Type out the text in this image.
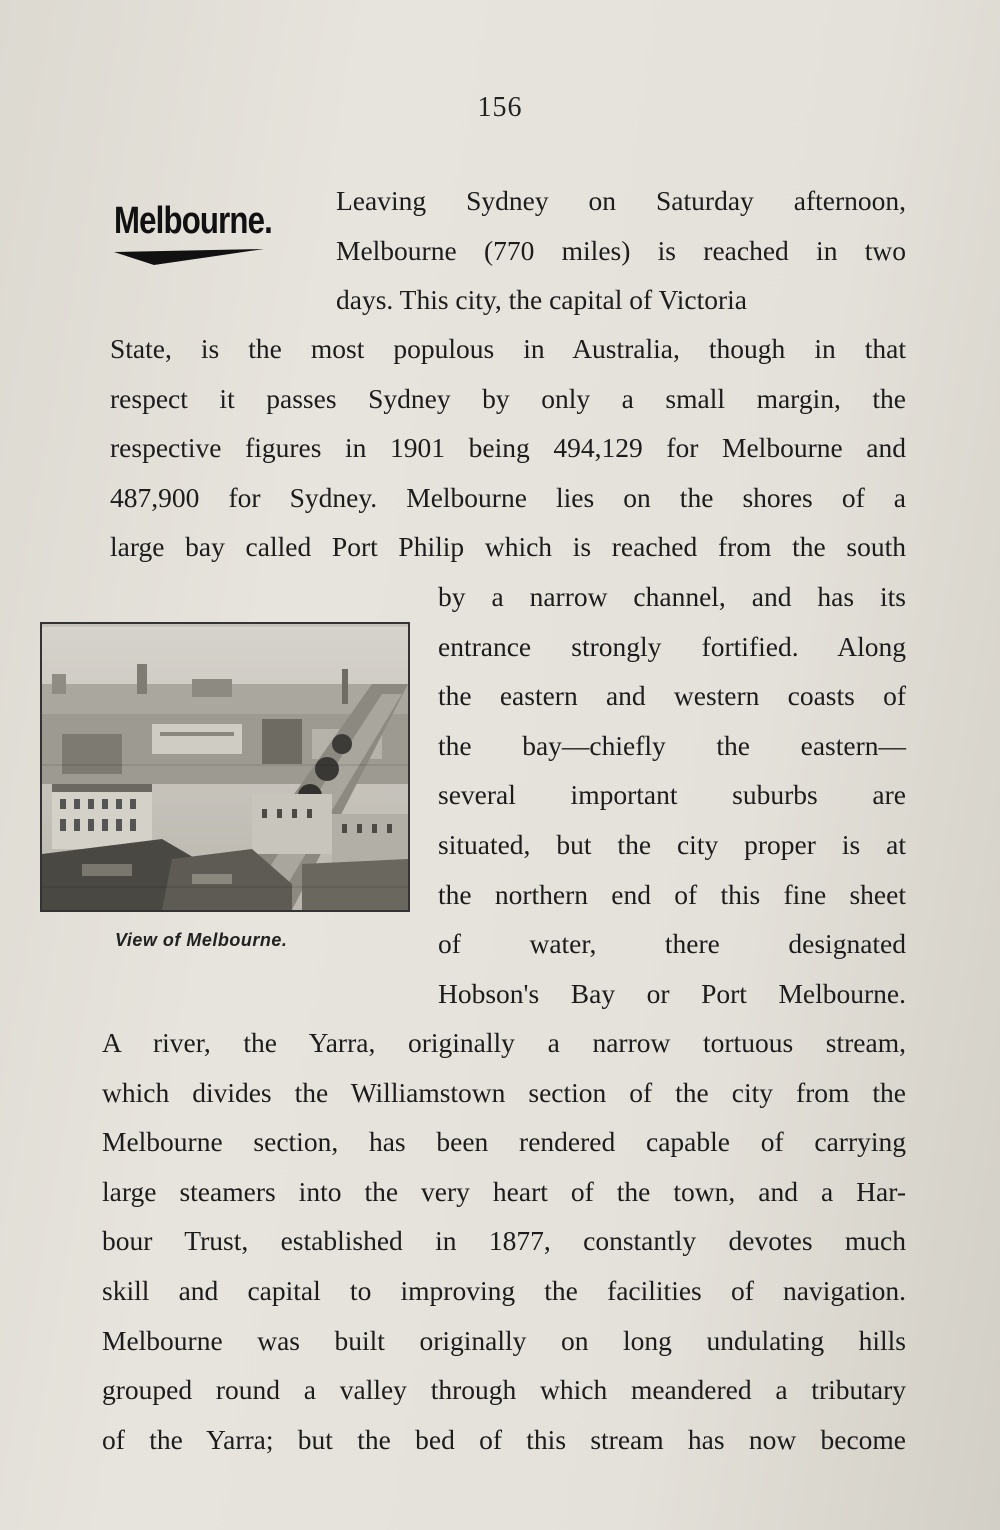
156
Melbourne. Leaving Sydney on Saturday afternoon,
Melbourne (770 miles) is reached in two
days. This city, the capital of Victoria
State, is the most populous in Australia, though in that
respect it passes Sydney by only a small margin, the
respective figures in 1901 being 494,129 for Melbourne and
487,900 for Sydney. Melbourne lies on the shores of a
large bay called Port Philip which is reached from the south
by a narrow channel, and has its
entrance strongly fortified. Along
the eastern and western coasts of
the bay—chiefly the eastern—
several important suburbs are
situated, but the city proper is at
the northern end of this fine sheet
of water, there designated
Hobson's Bay or Port Melbourne.
A river, the Yarra, originally a narrow tortuous stream,
which divides the Williamstown section of the city from the
Melbourne section, has been rendered capable of carrying
large steamers into the very heart of the town, and a Har-
bour Trust, established in 1877, constantly devotes much
skill and capital to improving the facilities of navigation.
Melbourne was built originally on long undulating hills
grouped round a valley through which meandered a tributary
of the Yarra; but the bed of this stream has now become
View of Melbourne.
